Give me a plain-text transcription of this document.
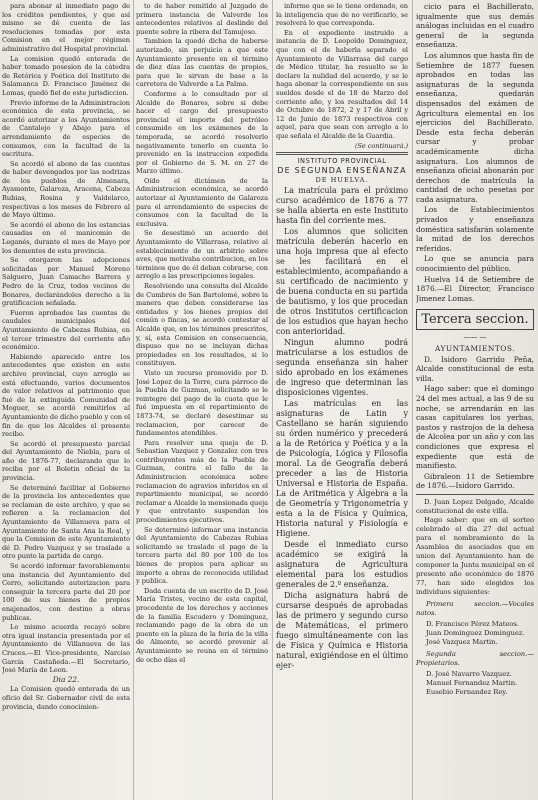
para abonar al inmediato pago de los créditos pendientes, y que así mismo se dé cuenta de las resoluciones tomadas por esta Comision en el mejor régimen administrativo del Hospital provincial.

La comision quedó enterada de haber tomado posesion de la cátedra de Retórica y Poética del Instituto de Salamanca D. Francisco Jiménez de Lomas, quedó fiel de este jurisdiccion.

Previo informe de la Administracion económica de esta provincia, se acordó autorizar a los Ayuntamientos de Cantalejo y Abajo para el arrendamiento de especies de consumos, con la facultad de la escritura.

Se acordó el abono de las cuentas de haber devengados por las nodrizas de los pueblos de Almenara, Ayamonte, Galaroza, Aracena, Cabeza Rubias, Rosina y Valdelarco, respectivas a los meses de Febrero al de Mayo último.

Se acordó el abono de los estancias causadas en el manicomio de Leganés, durante el mes de Mayo por los dementes de esta provincia.

Se otorgaron las adopciones solicitadas por Manuel Moreno Salguero, Juan Camacho Barrera y Pedro de la Cruz, todos vecinos de Bonares, declarándoles derecho a la gratificacion señalada.

Fueron aprobados las cuentas de caudales municipales del Ayuntamiento de Cabezas Rubias, en el tercer trimestre del corriente año económico.

Habiendo aparecido entre los antecedentes que existen en este archivo provincial, cuyo arreglo se está efectuando, varios documentos de valor relativos al patrimonio que fué de la extinguida Comunidad de Moguer, se acordó remitirlos al Ayuntamiento de dicho pueblo y con el fin de que los Alcaldes el presente recibo.

Se acordó el presupuesto parcial del Ayuntamiento de Niebla, para el año de 1876-77, declarando que lo reciba por el Boletin oficial de la provincia.

Se determinó facilitar al Gobierno de la provincia los antecedentes que se reclaman de este archivo, y que se refieren a la reclamacion del Ayuntamiento de Villanueva para el Ayuntamiento de Santa Ana la Real, y que la Comision de este Ayuntamiento dé D. Pedro Vazquez y se traslade a otro punto la partida de cargo.

Se acordó informar favorablemente una instancia del Ayuntamiento del Cerro, solicitando autorizacion para conseguir la tercera parte del 20 por 100 de sus bienes de propios enajenados, con destino a obras publicas.

Lo mismo acuerda recayó sobre otra igual instancia presentada por el Ayuntamiento de Villanueva de las Cruces.—El Vice-presidente, Narciso García Castañeda.—El Secretario, José María de Leon.

Dia 22.

La Comision quedó enterada de un oficio del Sr. Gobernador civil de esta provincia, dando conocimien-

to de haber remitido al Juzgado de primera instancia de Valverde los antecedentes relativos al deslinde del puente sobre la ribera del Tamujoso.

Tambien la quedó dicha de haberse autorizado, sin perjuicio a que este Ayuntamiento presente en el término de diez días las cuentas de propios, para que le sirvan de base a la carretera de Valverde a La Palma.

Conforme a lo consultado por el Alcalde de Bonares, sobre si debe hacer el cargo del presupuesto provincial el importe del petróleo consumido en los exámenes de la temporada, se acordó resolverlo negativamente tenerlo en cuenta lo prevenido en la instruccion expedida por el Gobierno de S. M. en 27 de Marzo último.

Oido el dictámen de la Administracion económica, se acordó autorizar al Ayuntamiento de Galaroza para el arrendamiento de especies de consumos con la facultad de la exclusiva.

Se desestimó un acuerdo del Ayuntamiento de Villarrasa, relativo al establecimiento de un arbitrio sobre aves, que motivaba contribucion, en los términos que de él deban cobrarse, con arreglo a las prescripciones legales.

Resolviendo una consulta del Alcalde de Cumbres de San Bartolomé, sobre la manera que deben considerarse las entidades y los bienes propios del común o fincas, se acordó contestar al Alcalde que, en los términos prescritos, y, sí, esta Comision en consecuencia, dispuso que no se incluyan dichas propiedades en los resultados, si lo constituyen.

Visto un recurso promovido por D. José Lopez de la Torre, cura párroco de la Puebla de Guzman, solicitando se le reintegre del pago de la cuota que le fué impuesta en el repartimiento de 1873-74, se declaró desestimar su reclamacion, por carecer de fundamentos atendibles.

Para resolver una queja de D. Sebastian Vazquez y Gonzalez con tres contribuyentes más de la Puebla de Guzman, contra el fallo de la Administracion económica sobre reclamacion de agravios inferidos en el repartimiento municipal, se acordó reclamar a Alcalde la mensionada queja y que entretanto suspendan los procedimientos ejecutivos.

Se determinó informar una instancia del Ayuntamiento de Cabezas Rubias solicitando se traslade el pago de la tercera parte del 80 por 100 de los bienes de propios para aplicar su importe a obras de reconocida utilidad y publica.

Dada cuenta de un escrito de D. José María Tristes, vecino de esta capital, procedente de los derechos y acciones de la familia Escudero y Dominguez, reclamando pago de la obra de un puente en la plaza de la feria de la villa de Almonte, se acordó prevenir al Ayuntamiento se reuna en el término de ocho días el

informe que se le tiene ordenado, en la inteligencia que de no verificarlo, se resolverá lo que corresponda.

En el expediente instruido a instancia de D. Leopoldo Dominguez, que con el de haberla separado el Ayuntamiento de Villarrasa del cargo de Médico titular, ha resuelto se le declare la nulidad del acuerdo, y se le haga abonar la correspondiente en sus sueldos desde el de 18 de Marzo del corriente año, y los resultados del 14 de Octubre de 1872, 2 y 17 de Abril y 12 de Junio de 1873 respectivos con aquel, para que sean con arreglo a lo que señala el Alcalde de la Guardia.

(Se continuará.)

INSTITUTO PROVINCIAL

DE SEGUNDA ENSEÑANZA

DE HUELVA.

La matrícula para el próximo curso académico de 1876 a 77 se halla abierta en este Instituto hasta fin del corriente mes.

Los alumnos que soliciten matrícula deberán hacerlo en una hoja impresa que al efecto se les facilitará en el establecimiento, acompañando a su certificado de nacimiento y de buena conducta en su partida de bautismo, y los que procedan de otros Institutos certificacion de los estudios que hayan hecho con anterioridad.

Ningun alumno podrá matricularse a los estudios de segunda enseñanza sin haber sido aprobado en los exámenes de ingreso que determinan las disposiciones vigentes.

Las matrículas en las asignaturas de Latin y Castellano se harán siguiendo su órden numérico y precederá a la de Retórica y Poética y a la de Psicología, Lógica y Filosofía moral. La de Geografía deberá preceder a las de Historia Universal e Historia de España. La de Aritmética y Álgebra a la de Geometría y Trigonometría y esta a la de Física y Química, Historia natural y Fisiología e Higiene.

Desde el inmediato curso académico se exigirá la asignatura de Agricultura elemental para los estudios generales de 2.º enseñanza.

Dicha asignatura habrá de cursarse después de aprobadas las de primero y segundo curso de Matemáticas, el primero fuego simultáneamente con las de Física y Química e Historia natural, exigiéndose en el último ejer-

cicio para el Bachillerato, igualmente que sus demás análogas incluidas en el cuadro general de la segunda enseñanza.

Los alumnos que hasta fin de Setiembre de 1877 fuesen aprobados en todas las asignaturas de la segunda enseñanza, quedarán dispensados del exámen de Agricultura elemental en los ejercicios del Bachillerato. Desde esta fecha deberán cursar y probar académicamente dicha asignatura. Los alumnos de enseñanza oficial abonarán por derechos de matrícula la cantidad de ocho pesetas por cada asignatura.

Los de Establecimientos privados y enseñanza doméstica satisfarán solamente la mitad de los derechos referidos.

Lo que se anuncia para conocimiento del público.

Huelva 14 de Setiembre de 1876.—El Director, Francisco Jimenez Lomas.

Tercera seccion.

—— —

AYUNTAMIENTOS.

D. Isidoro Garrido Peña, Alcalde constitucional de esta villa.

Hago saber: que el domingo 24 del mes actual, a las 9 de su noche, se arrendarán en las casas capitulares los yerbas, pastos y rastrojos de la dehesa de Alcolea por un año y con las condiciones que expresa el expediente que está de manifiesto.

Gibraleon 11 de Setiembre de 1876.—Isidoro Garrido.

D. Juan Lopez Delgado, Alcalde constitucional de este villa.

Hago saber: que en el sorteo celebrado el dia 27 del actual para el nombramiento de la Asamblea de asociados que en union del Ayuntamiento han de componer la Junta municipal en el presente año económico de 1876 77, han sido elegidos los individuos siguientes:

Primera seccion.—Vocales natos.

D. Francisco Pérez Mateos.

Juan Dominguez Dominguez.

José Vazquez Martin.

Segunda seccion.—Propietarios.

D. José Navarro Vazquez.

Manuel Fernandez Martin.

Eusebio Fernandez Rey.
